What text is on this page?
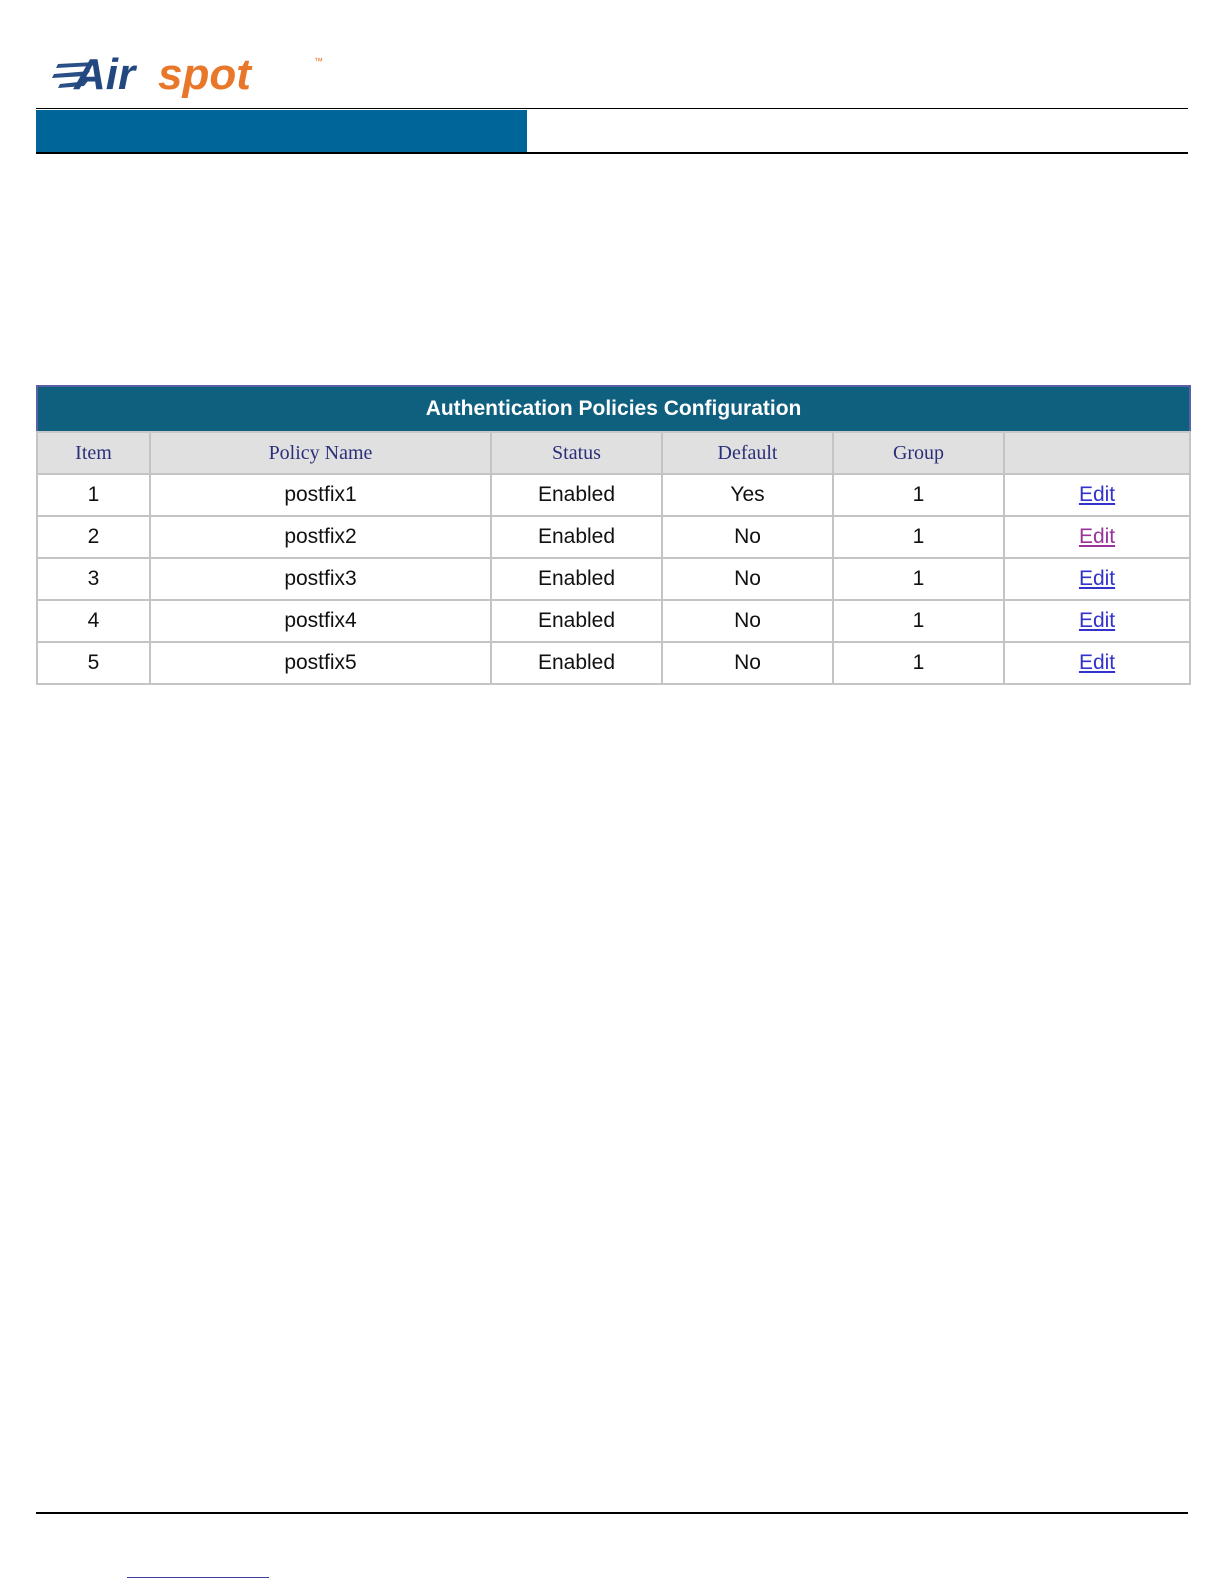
Air spot	™
Authentication Policies Configuration					
Item	Policy Name	Status	Default	Group	
1	postfix1	Enabled	Yes	1	Edit
2	postfix2	Enabled	No	1	Edit
3	postfix3	Enabled	No	1	Edit
4	postfix4	Enabled	No	1	Edit
5	postfix5	Enabled	No	1	Edit
